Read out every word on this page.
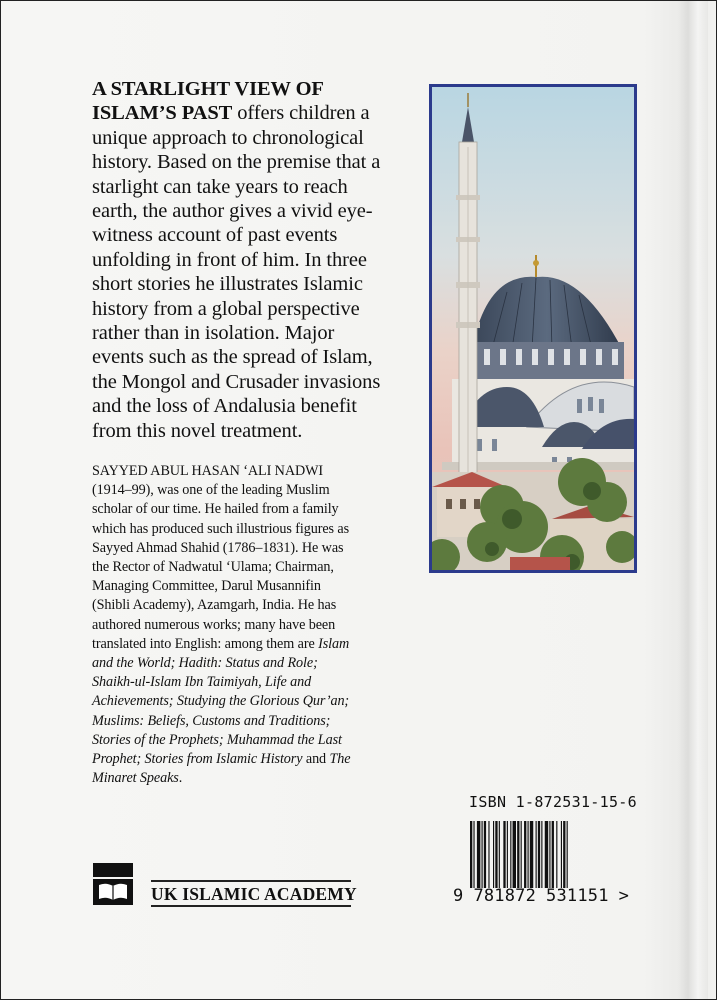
A STARLIGHT VIEW OF
ISLAM’S PAST offers children a
unique approach to chronological
history. Based on the premise that a
starlight can take years to reach
earth, the author gives a vivid eye-
witness account of past events
unfolding in front of him. In three
short stories he illustrates Islamic
history from a global perspective
rather than in isolation. Major
events such as the spread of Islam,
the Mongol and Crusader invasions
and the loss of Andalusia benefit
from this novel treatment.
SAYYED ABUL HASAN ‘ALI NADWI
(1914–99), was one of the leading Muslim
scholar of our time. He hailed from a family
which has produced such illustrious figures as
Sayyed Ahmad Shahid (1786–1831). He was
the Rector of Nadwatul ‘Ulama; Chairman,
Managing Committee, Darul Musannifin
(Shibli Academy), Azamgarh, India. He has
authored numerous works; many have been
translated into English: among them are Islam
and the World; Hadith: Status and Role;
Shaikh-ul-Islam Ibn Taimiyah, Life and
Achievements; Studying the Glorious Qur’an;
Muslims: Beliefs, Customs and Traditions;
Stories of the Prophets; Muhammad the Last
Prophet; Stories from Islamic History and The
Minaret Speaks.
ISBN 1-872531-15-6
9 781872 531151 >
UK ISLAMIC ACADEMY
